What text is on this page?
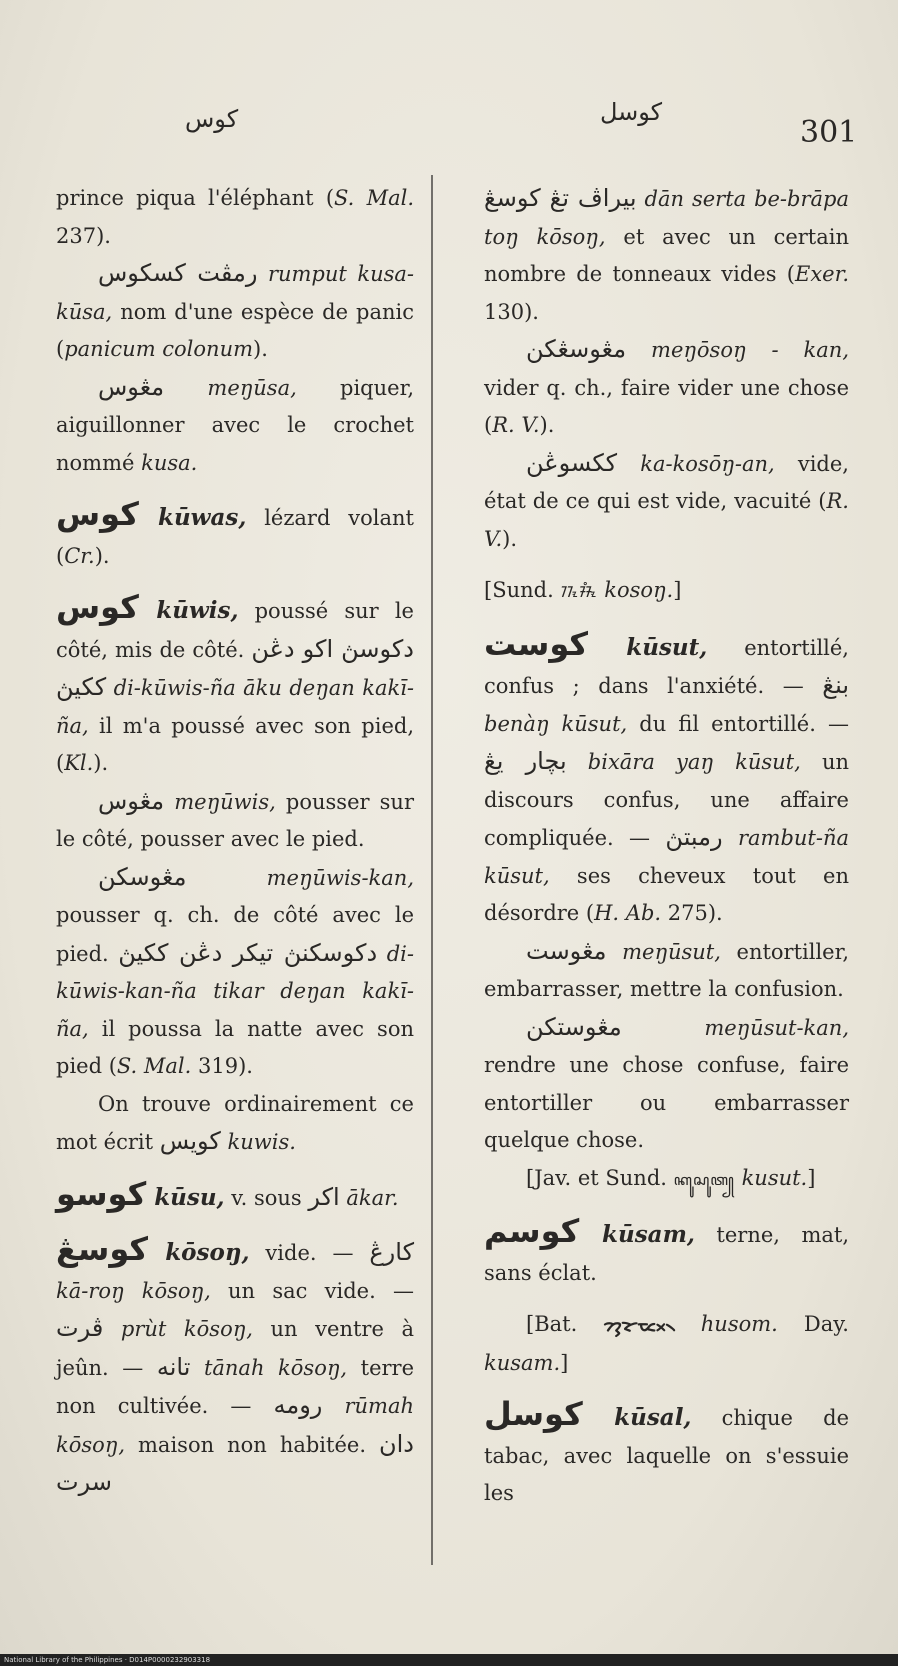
كوس	كوسل
301

prince piqua l'éléphant (S. Mal. 237).

رمڤت كسكوس rumput kusa-kūsa, nom d'une espèce de panic (panicum colonum).

مڠوس meŋūsa, piquer, aiguillonner avec le crochet nommé kusa.

كوس kūwas, lézard volant (Cr.).

كوس kūwis, poussé sur le côté, mis de côté. دكوسڽ اكو دڠن ككيڽ di-kūwis-ña āku deŋan kakī-ña, il m'a poussé avec son pied, (Kl.).

مڠوس meŋūwis, pousser sur le côté, pousser avec le pied.

مڠوسكن meŋūwis-kan, pousser q. ch. de côté avec le pied. دكوسكنڽ تيكر دڠن ككيڽ di-kūwis-kan-ña tikar deŋan kakī-ña, il poussa la natte avec son pied (S. Mal. 319).

On trouve ordinairement ce mot écrit كويس kuwis.

كوسو kūsu, v. sous اكر ākar.

كوسڠ kōsoŋ, vide. — كارڠ kā-roŋ kōsoŋ, un sac vide. — ڤرت prùt kōsoŋ, un ventre à jeûn. — تانه tānah kōsoŋ, terre non cultivée. — رومه rūmah kōsoŋ, maison non habitée. دان سرت

بيراڤ تڠ كوسڠ dān serta be-brāpa toŋ kōsoŋ, et avec un certain nombre de tonneaux vides (Exer. 130).

مڠوسڠكن meŋōsoŋ - kan, vider q. ch., faire vider une chose (R. V.).

ككسوڠن ka-kosōŋ-an, vide, état de ce qui est vide, vacuité (R. V.).

[Sund. ᮊᮧᮞᮧᮀ kosoŋ.]

كوست kūsut, entortillé, confus ; dans l'anxiété. — بنڠ benàŋ kūsut, du fil entortillé. — بچار يڠ bixāra yaŋ kūsut, un discours confus, une affaire compliquée. — رمبتڽ rambut-ña kūsut, ses cheveux tout en désordre (H. Ab. 275).

مڠوست meŋūsut, entortiller, embarrasser, mettre la confusion.

مڠوستكن meŋūsut-kan, rendre une chose confuse, faire entortiller ou embarrasser quelque chose.

[Jav. et Sund. ꦏꦸꦱꦸꦠ꧀ kusut.]

كوسم kūsam, terne, mat, sans éclat.

[Bat. ᯂᯮᯘᯬᯔ᯲ husom. Day. kusam.]

كوسل kūsal, chique de tabac, avec laquelle on s'essuie les

National Library of the Philippines · D014P0000232903318
